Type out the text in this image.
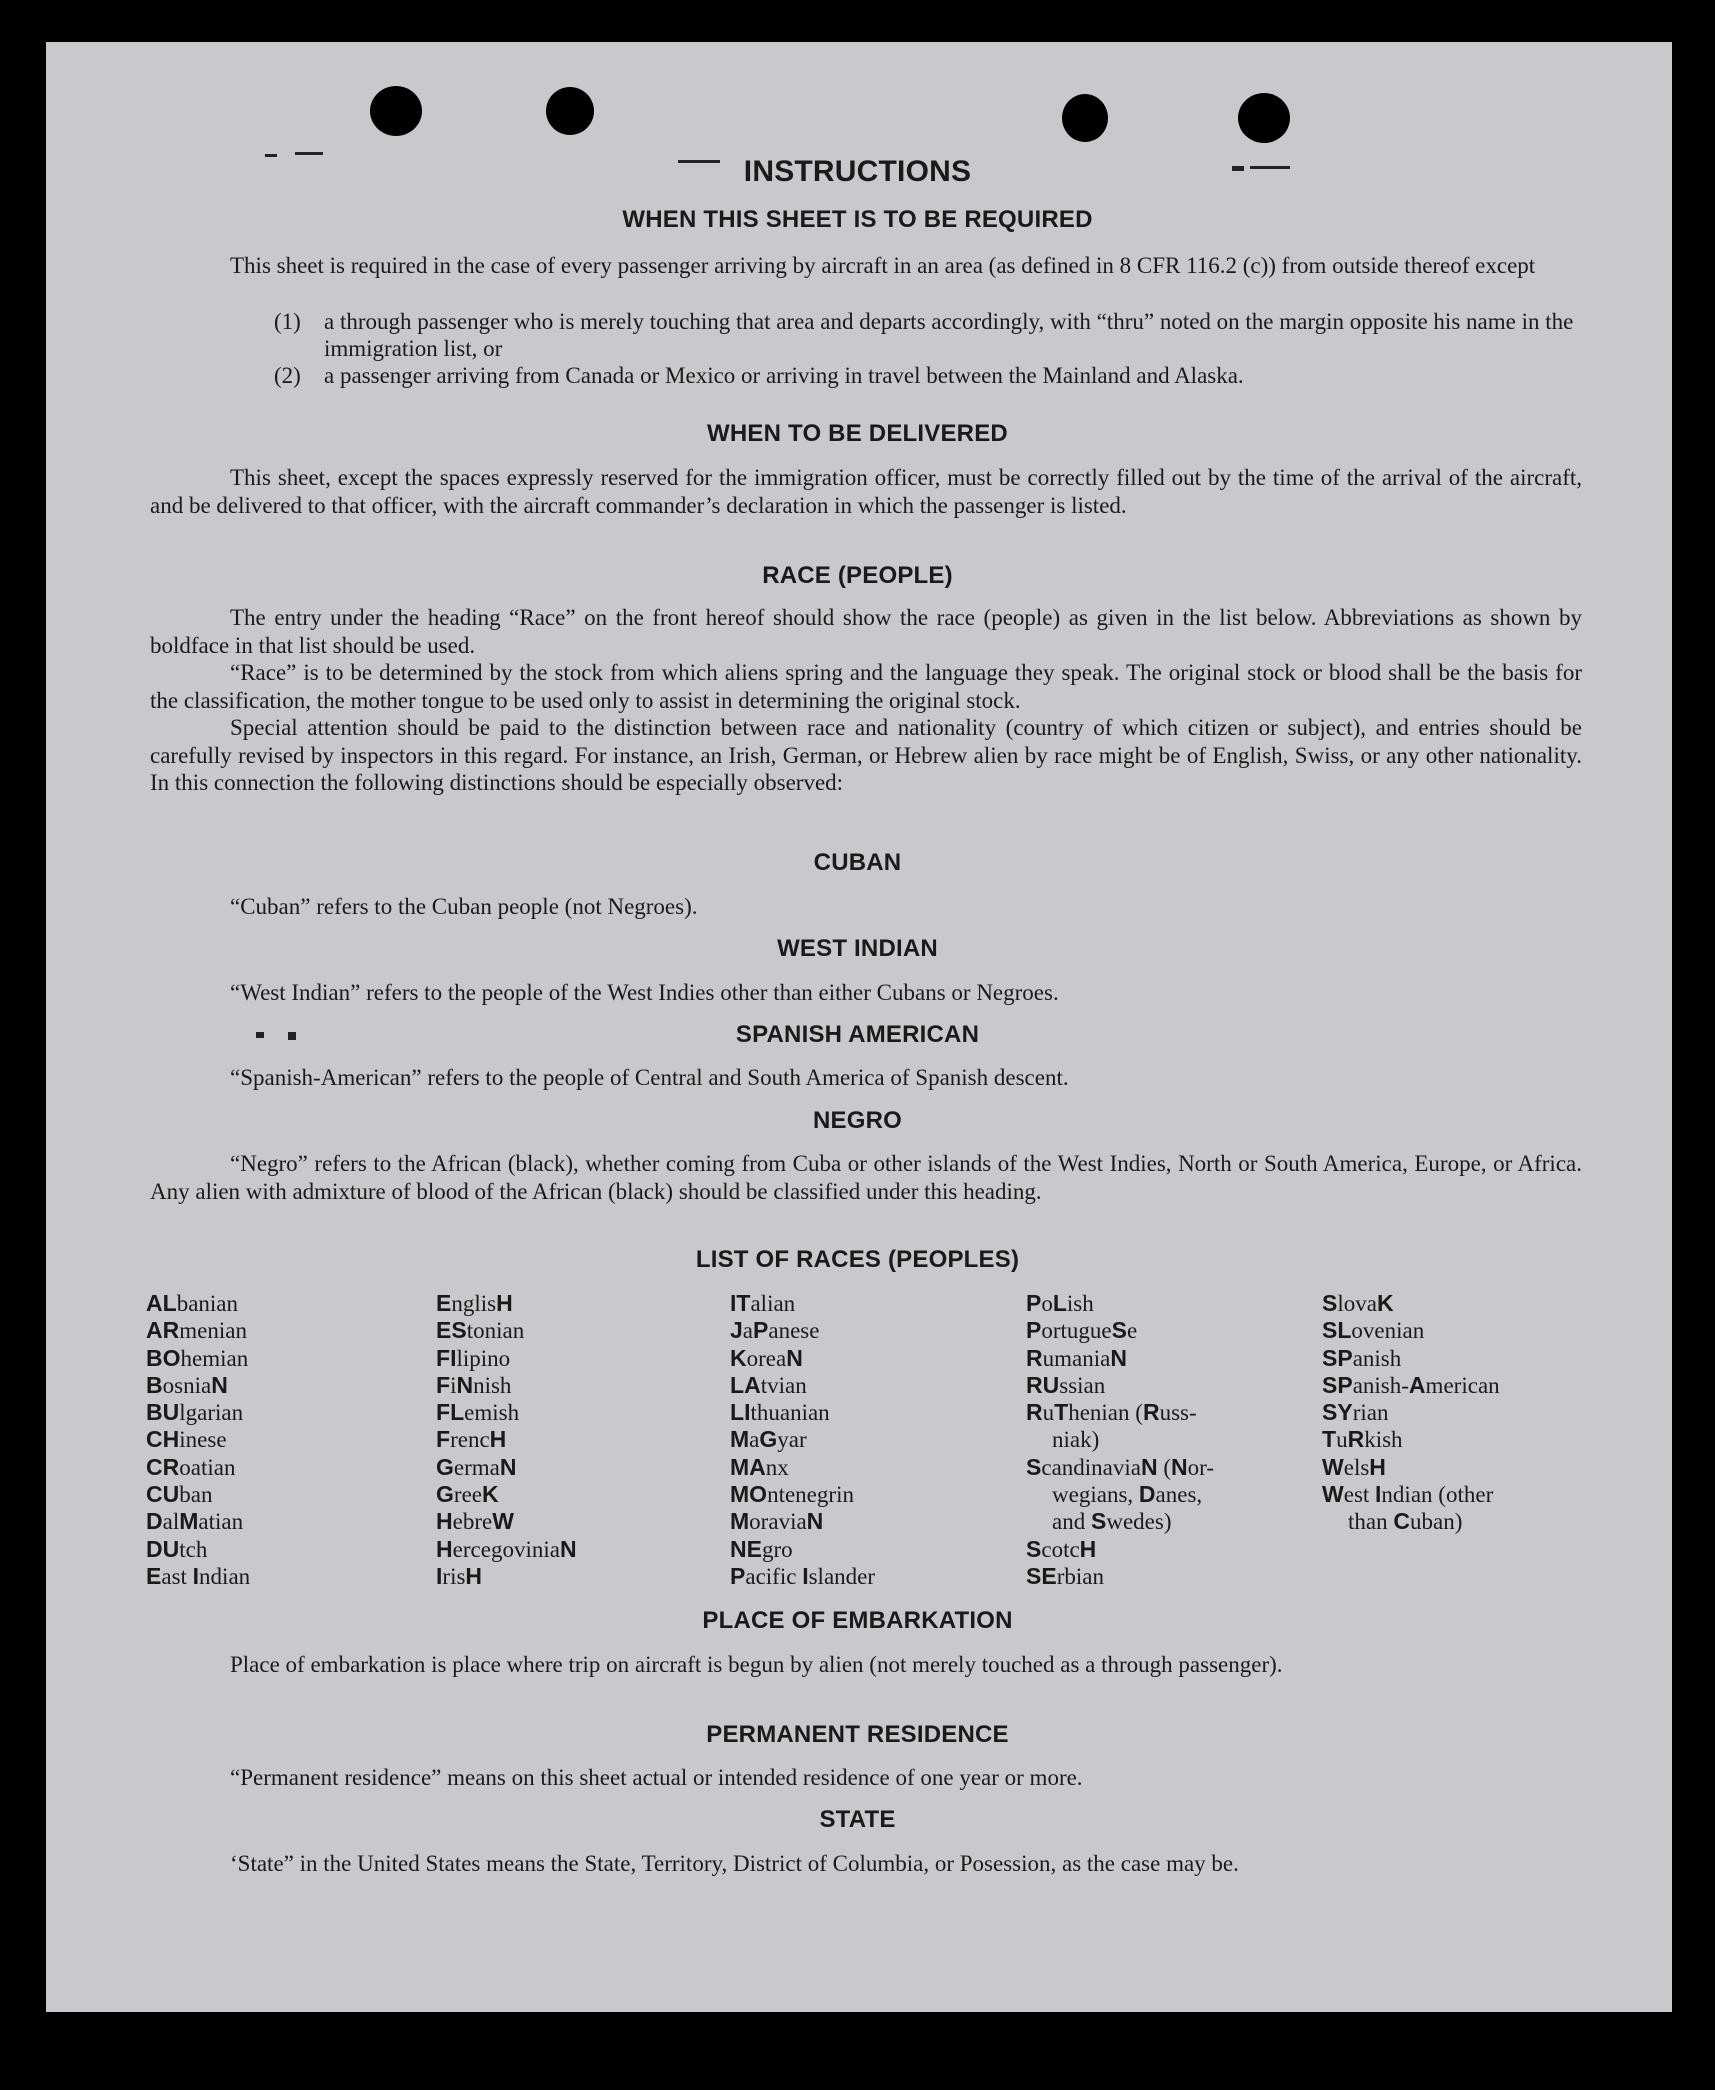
INSTRUCTIONS
WHEN THIS SHEET IS TO BE REQUIRED

This sheet is required in the case of every passenger arriving by aircraft in an area (as defined in 8 CFR 116.2 (c)) from outside thereof except

(1) a through passenger who is merely touching that area and departs accordingly, with “thru” noted on the margin opposite his name in the immigration list, or
(2) a passenger arriving from Canada or Mexico or arriving in travel between the Mainland and Alaska.
WHEN TO BE DELIVERED

This sheet, except the spaces expressly reserved for the immigration officer, must be correctly filled out by the time of the arrival of the aircraft, and be delivered to that officer, with the aircraft commander’s declaration in which the passenger is listed.

RACE (PEOPLE)

The entry under the heading “Race” on the front hereof should show the race (people) as given in the list below. Abbreviations as shown by boldface in that list should be used.

“Race” is to be determined by the stock from which aliens spring and the language they speak. The original stock or blood shall be the basis for the classification, the mother tongue to be used only to assist in determining the original stock.

Special attention should be paid to the distinction between race and nationality (country of which citizen or subject), and entries should be carefully revised by inspectors in this regard. For instance, an Irish, German, or Hebrew alien by race might be of English, Swiss, or any other nationality. In this connection the following distinctions should be especially observed:

CUBAN

“Cuban” refers to the Cuban people (not Negroes).

WEST INDIAN

“West Indian” refers to the people of the West Indies other than either Cubans or Negroes.

SPANISH AMERICAN

“Spanish-American” refers to the people of Central and South America of Spanish descent.

NEGRO

“Negro” refers to the African (black), whether coming from Cuba or other islands of the West Indies, North or South America, Europe, or Africa. Any alien with admixture of blood of the African (black) should be classified under this heading.

LIST OF RACES (PEOPLES)
ALbanian
ARmenian
BOhemian
BosniaN
BUlgarian
CHinese
CRoatian
CUban
DalMatian
DUtch
East Indian
EnglisH
EStonian
FIlipino
FiNnish
FLemish
FrencH
GermaN
GreeK
HebreW
HercegoviniaN
IrisH
ITalian
JaPanese
KoreaN
LAtvian
LIthuanian
MaGyar
MAnx
MOntenegrin
MoraviaN
NEgro
Pacific Islander
PoLish
PortugueSe
RumaniaN
RUssian
RuThenian (Russ-
niak)
ScandinaviaN (Nor-
wegians, Danes,
and Swedes)
ScotcH
SErbian
SlovaK
SLovenian
SPanish
SPanish-American
SYrian
TuRkish
WelsH
West Indian (other
than Cuban)
PLACE OF EMBARKATION

Place of embarkation is place where trip on aircraft is begun by alien (not merely touched as a through passenger).

PERMANENT RESIDENCE

“Permanent residence” means on this sheet actual or intended residence of one year or more.

STATE

‘State” in the United States means the State, Territory, District of Columbia, or Posession, as the case may be.
